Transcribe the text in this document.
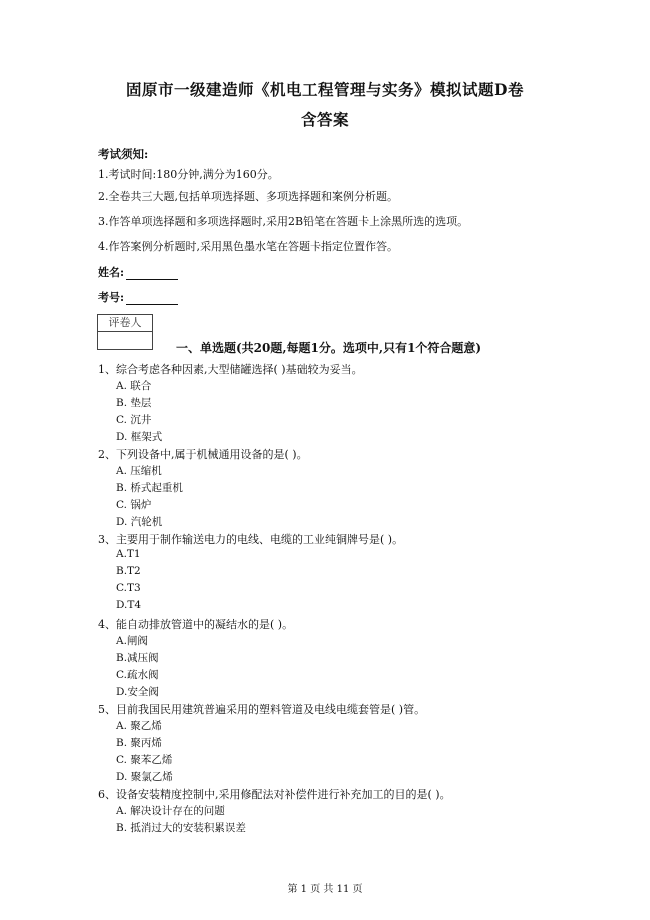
固原市一级建造师《机电工程管理与实务》模拟试题D卷
含答案
考试须知:
1.考试时间:180分钟,满分为160分。
2.全卷共三大题,包括单项选择题、多项选择题和案例分析题。
3.作答单项选择题和多项选择题时,采用2B铅笔在答题卡上涂黑所选的选项。
4.作答案例分析题时,采用黑色墨水笔在答题卡指定位置作答。
姓名:
考号:
评卷人
一、单选题(共20题,每题1分。选项中,只有1个符合题意)
1、综合考虑各种因素,大型储罐选择( )基础较为妥当。
A. 联合
B. 垫层
C. 沉井
D. 框架式
2、下列设备中,属于机械通用设备的是( )。
A. 压缩机
B. 桥式起重机
C. 锅炉
D. 汽轮机
3、主要用于制作输送电力的电线、电缆的工业纯铜牌号是( )。
A.T1
B.T2
C.T3
D.T4
4、能自动排放管道中的凝结水的是( )。
A.闸阀
B.减压阀
C.疏水阀
D.安全阀
5、目前我国民用建筑普遍采用的塑料管道及电线电缆套管是( )管。
A. 聚乙烯
B. 聚丙烯
C. 聚苯乙烯
D. 聚氯乙烯
6、设备安装精度控制中,采用修配法对补偿件进行补充加工的目的是( )。
A. 解决设计存在的问题
B. 抵消过大的安装积累误差
第 1 页 共 11 页
